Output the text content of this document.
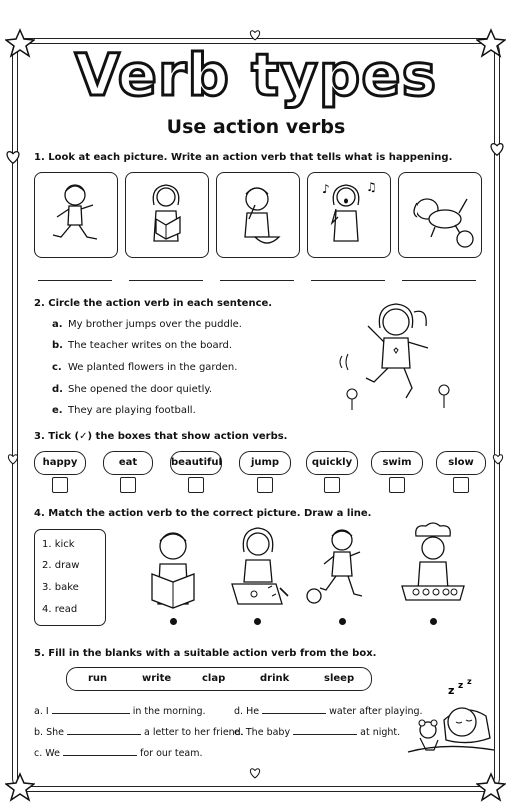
Verb types
Use action verbs
1. Look at each picture. Write an action verb that tells what is happening.
♪	♫
2. Circle the action verb in each sentence.
a. My brother jumps over the puddle.
b. The teacher writes on the board.
c. We planted flowers in the garden.
d. She opened the door quietly.
e. They are playing football.
3. Tick (✓) the boxes that show action verbs.
happy	eat	beautiful	jump	quickly	swim	slow
4. Match the action verb to the correct picture. Draw a line.
1. kick
2. draw
3. bake
4. read
5. Fill in the blanks with a suitable action verb from the box.
run	write	clap	drink	sleep
a. I	in the morning.
b. She	a letter to her friend.
c. We	for our team.
d. He	water after playing.
e. The baby	at night.
z z z
